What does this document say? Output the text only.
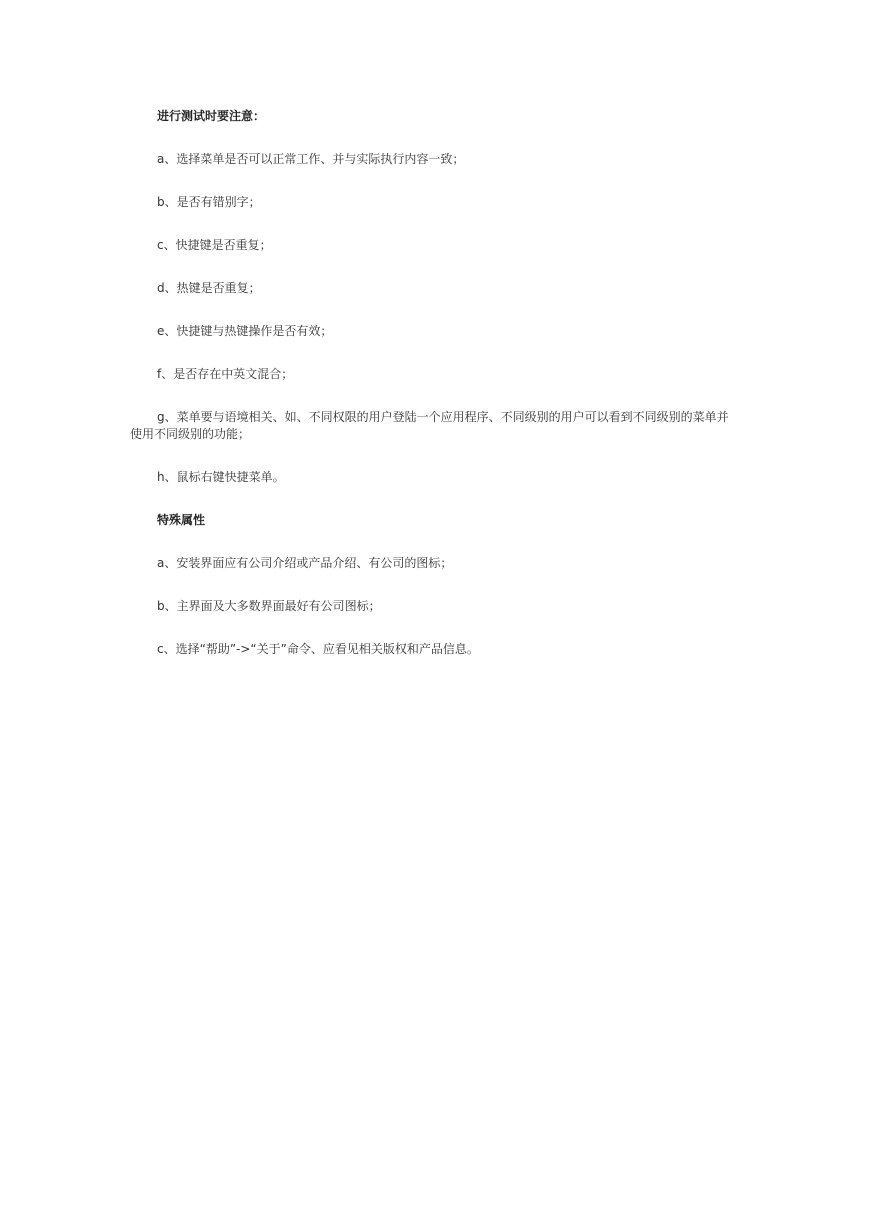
进行测试时要注意：

a、选择菜单是否可以正常工作、并与实际执行内容一致；

b、是否有错别字；

c、快捷键是否重复；

d、热键是否重复；

e、快捷键与热键操作是否有效；

f、是否存在中英文混合；

g、菜单要与语境相关、如、不同权限的用户登陆一个应用程序、不同级别的用户可以看到不同级别的菜单并使用不同级别的功能；

h、鼠标右键快捷菜单。

特殊属性

a、安装界面应有公司介绍或产品介绍、有公司的图标；

b、主界面及大多数界面最好有公司图标；

c、选择“帮助”->“关于”命令、应看见相关版权和产品信息。
